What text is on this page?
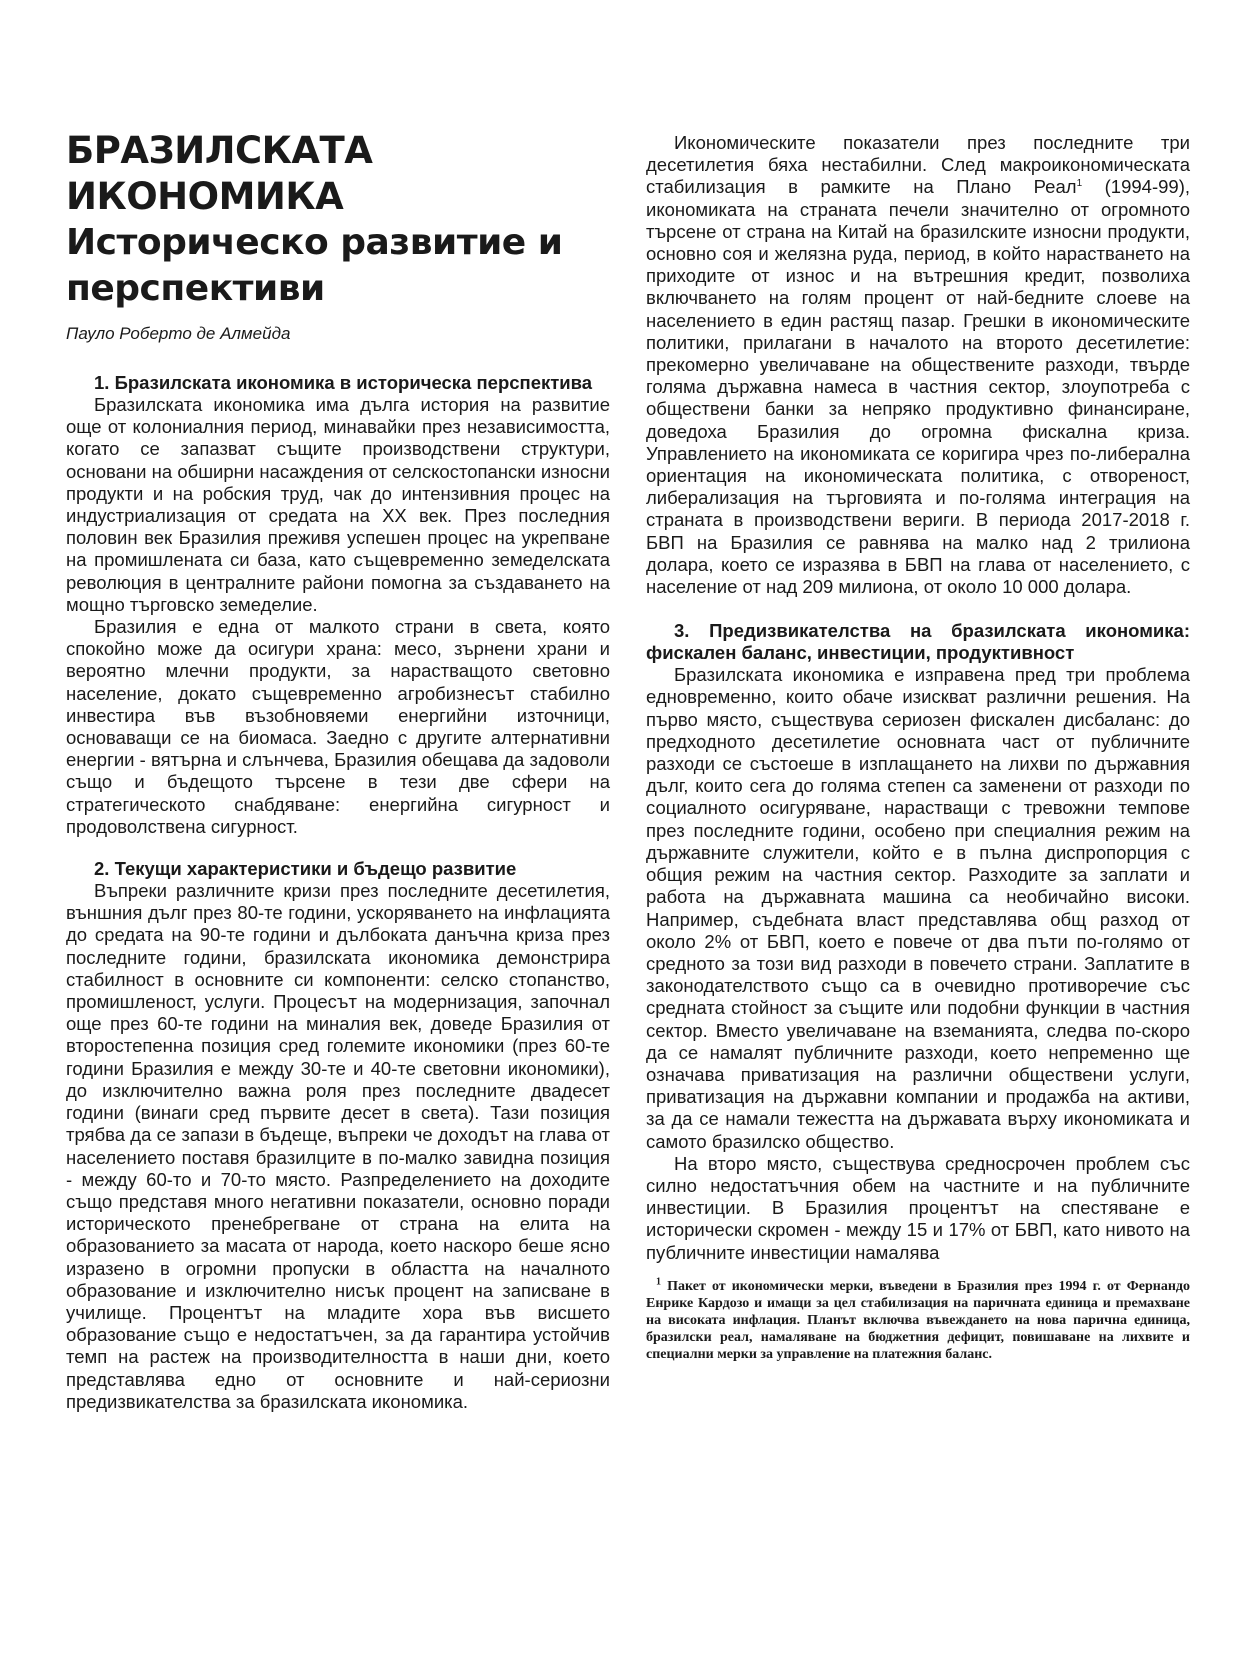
БРАЗИЛСКАТА ИКОНОМИКА
Историческо развитие и перспективи

Пауло Роберто де Алмейда

1. Бразилската икономика в историческа перспектива

Бразилската икономика има дълга история на развитие още от колониалния период, минавайки през независимостта, когато се запазват същите производствени структури, основани на обширни насаждения от селскостопански износни продукти и на робския труд, чак до интензивния процес на индустриализация от средата на XX век. През последния половин век Бразилия преживя успешен процес на укрепване на промишлената си база, като същевременно земеделската революция в централните райони помогна за създаването на мощно търговско земеделие.

Бразилия е една от малкото страни в света, която спокойно може да осигури храна: месо, зърнени храни и вероятно млечни продукти, за нарастващото световно население, докато същевременно агробизнесът стабилно инвестира във възобновяеми енергийни източници, основаващи се на биомаса. Заедно с другите алтернативни енергии - вятърна и слънчева, Бразилия обещава да задоволи също и бъдещото търсене в тези две сфери на стратегическото снабдяване: енергийна сигурност и продоволствена сигурност.

2. Текущи характеристики и бъдещо развитие

Въпреки различните кризи през последните десетилетия, външния дълг през 80-те години, ускоряването на инфлацията до средата на 90-те години и дълбоката данъчна криза през последните години, бразилската икономика демонстрира стабилност в основните си компоненти: селско стопанство, промишленост, услуги. Процесът на модернизация, започнал още през 60-те години на миналия век, доведе Бразилия от второстепенна позиция сред големите икономики (през 60-те години Бразилия е между 30-те и 40-те световни икономики), до изключително важна роля през последните двадесет години (винаги сред първите десет в света). Тази позиция трябва да се запази в бъдеще, въпреки че доходът на глава от населението поставя бразилците в по-малко завидна позиция - между 60-то и 70-то място. Разпределението на доходите също представя много негативни показатели, основно поради историческото пренебрегване от страна на елита на образованието за масата от народа, което наскоро беше ясно изразено в огромни пропуски в областта на началното образование и изключително нисък процент на записване в училище. Процентът на младите хора във висшето образование също е недостатъчен, за да гарантира устойчив темп на растеж на производителността в наши дни, което представлява едно от основните и най-сериозни предизвикателства за бразилската икономика.

Икономическите показатели през последните три десетилетия бяха нестабилни. След макроикономическата стабилизация в рамките на Плано Реал$^1$ (1994-99), икономиката на страната печели значително от огромното търсене от страна на Китай на бразилските износни продукти, основно соя и желязна руда, период, в който нарастването на приходите от износ и на вътрешния кредит, позволиха включването на голям процент от най-бедните слоеве на населението в един растящ пазар. Грешки в икономическите политики, прилагани в началото на второто десетилетие: прекомерно увеличаване на обществените разходи, твърде голяма държавна намеса в частния сектор, злоупотреба с обществени банки за непряко продуктивно финансиране, доведоха Бразилия до огромна фискална криза. Управлението на икономиката се коригира чрез по-либерална ориентация на икономическата политика, с отвореност, либерализация на търговията и по-голяма интеграция на страната в производствени вериги. В периода 2017-2018 г. БВП на Бразилия се равнява на малко над 2 трилиона долара, което се изразява в БВП на глава от населението, с население от над 209 милиона, от около 10 000 долара.

3. Предизвикателства на бразилската икономика: фискален баланс, инвестиции, продуктивност

Бразилската икономика е изправена пред три проблема едновременно, които обаче изискват различни решения. На първо място, съществува сериозен фискален дисбаланс: до предходното десетилетие основната част от публичните разходи се състоеше в изплащането на лихви по държавния дълг, които сега до голяма степен са заменени от разходи по социалното осигуряване, нарастващи с тревожни темпове през последните години, особено при специалния режим на държавните служители, който е в пълна диспропорция с общия режим на частния сектор. Разходите за заплати и работа на държавната машина са необичайно високи. Например, съдебната власт представлява общ разход от около 2% от БВП, което е повече от два пъти по-голямо от средното за този вид разходи в повечето страни. Заплатите в законодателството също са в очевидно противоречие със средната стойност за същите или подобни функции в частния сектор. Вместо увеличаване на вземанията, следва по-скоро да се намалят публичните разходи, което непременно ще означава приватизация на различни обществени услуги, приватизация на държавни компании и продажба на активи, за да се намали тежестта на държавата върху икономиката и самото бразилско общество.

На второ място, съществува средносрочен проблем със силно недостатъчния обем на частните и на публичните инвестиции. В Бразилия процентът на спестяване е исторически скромен - между 15 и 17% от БВП, като нивото на публичните инвестиции намалява

$^1$ Пакет от икономически мерки, въведени в Бразилия през 1994 г. от Фернандо Енрике Кардозо и имащи за цел стабилизация на паричната единица и премахване на високата инфлация. Планът включва въвеждането на нова парична единица, бразилски реал, намаляване на бюджетния дефицит, повишаване на лихвите и специални мерки за управление на платежния баланс.
